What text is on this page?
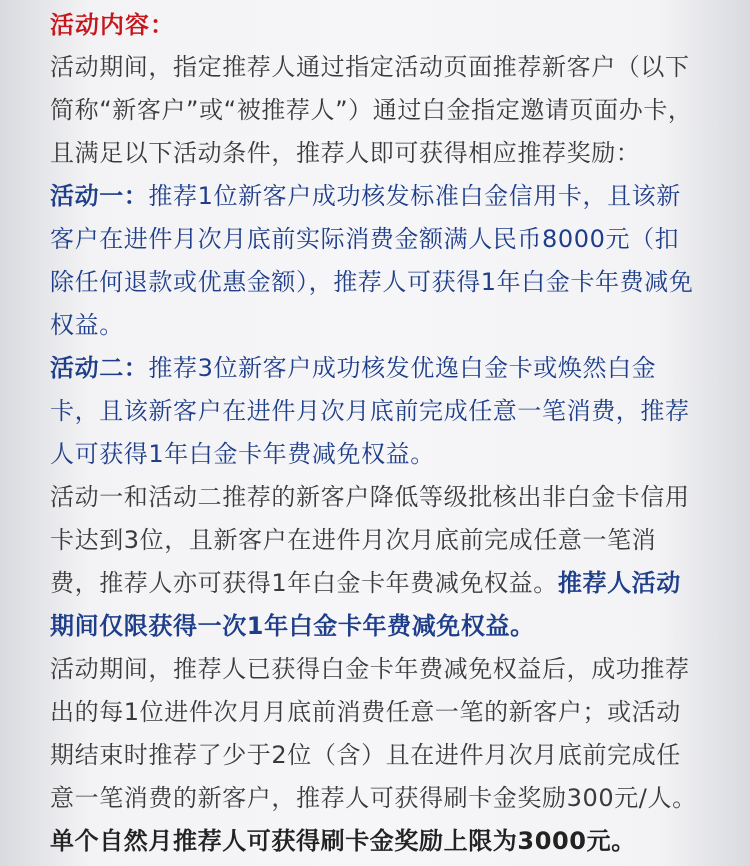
活动内容：

活动期间，指定推荐人通过指定活动页面推荐新客户（以下简称“新客户”或“被推荐人”）通过白金指定邀请页面办卡，且满足以下活动条件，推荐人即可获得相应推荐奖励：

活动一：推荐1位新客户成功核发标准白金信用卡，且该新客户在进件月次月底前实际消费金额满人民币8000元（扣除任何退款或优惠金额），推荐人可获得1年白金卡年费减免权益。

活动二：推荐3位新客户成功核发优逸白金卡或焕然白金卡，且该新客户在进件月次月底前完成任意一笔消费，推荐人可获得1年白金卡年费减免权益。

活动一和活动二推荐的新客户降低等级批核出非白金卡信用卡达到3位，且新客户在进件月次月底前完成任意一笔消费，推荐人亦可获得1年白金卡年费减免权益。推荐人活动期间仅限获得一次1年白金卡年费减免权益。

活动期间，推荐人已获得白金卡年费减免权益后，成功推荐出的每1位进件次月月底前消费任意一笔的新客户；或活动期结束时推荐了少于2位（含）且在进件月次月底前完成任意一笔消费的新客户，推荐人可获得刷卡金奖励300元/人。单个自然月推荐人可获得刷卡金奖励上限为3000元。
